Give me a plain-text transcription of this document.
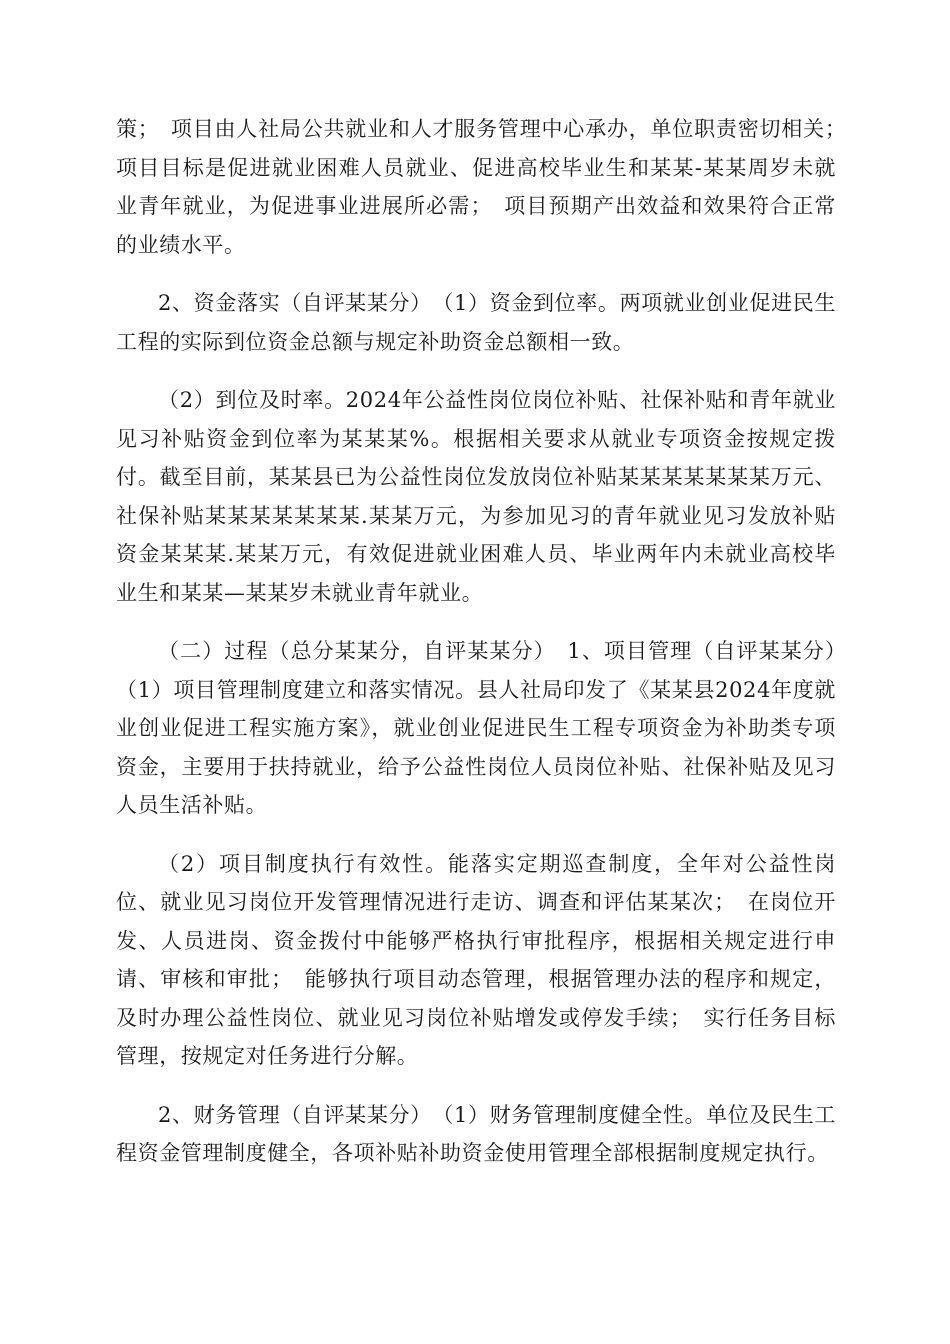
策；　项目由人社局公共就业和人才服务管理中心承办，单位职责密切相关；　项目目标是促进就业困难人员就业、促进高校毕业生和某某-某某周岁未就业青年就业，为促进事业进展所必需；　项目预期产出效益和效果符合正常的业绩水平。

2、资金落实（自评某某分）　（1）资金到位率。两项就业创业促进民生工程的实际到位资金总额与规定补助资金总额相一致。

（2）到位及时率。2024年公益性岗位岗位补贴、社保补贴和青年就业见习补贴资金到位率为某某某%。根据相关要求从就业专项资金按规定拨付。截至目前，某某县已为公益性岗位发放岗位补贴某某某某某某某万元、社保补贴某某某某某某某.某某万元，为参加见习的青年就业见习发放补贴资金某某某.某某万元，有效促进就业困难人员、毕业两年内未就业高校毕业生和某某—某某岁未就业青年就业。

（二）过程（总分某某分，自评某某分）　1、项目管理（自评某某分）　（1）项目管理制度建立和落实情况。县人社局印发了《某某县2024年度就业创业促进工程实施方案》，就业创业促进民生工程专项资金为补助类专项资金，主要用于扶持就业，给予公益性岗位人员岗位补贴、社保补贴及见习人员生活补贴。

（2）项目制度执行有效性。能落实定期巡查制度，全年对公益性岗位、就业见习岗位开发管理情况进行走访、调查和评估某某次；　在岗位开发、人员进岗、资金拨付中能够严格执行审批程序，根据相关规定进行申请、审核和审批；　能够执行项目动态管理，根据管理办法的程序和规定，及时办理公益性岗位、就业见习岗位补贴增发或停发手续；　实行任务目标管理，按规定对任务进行分解。

2、财务管理（自评某某分）　（1）财务管理制度健全性。单位及民生工程资金管理制度健全，各项补贴补助资金使用管理全部根据制度规定执行。
